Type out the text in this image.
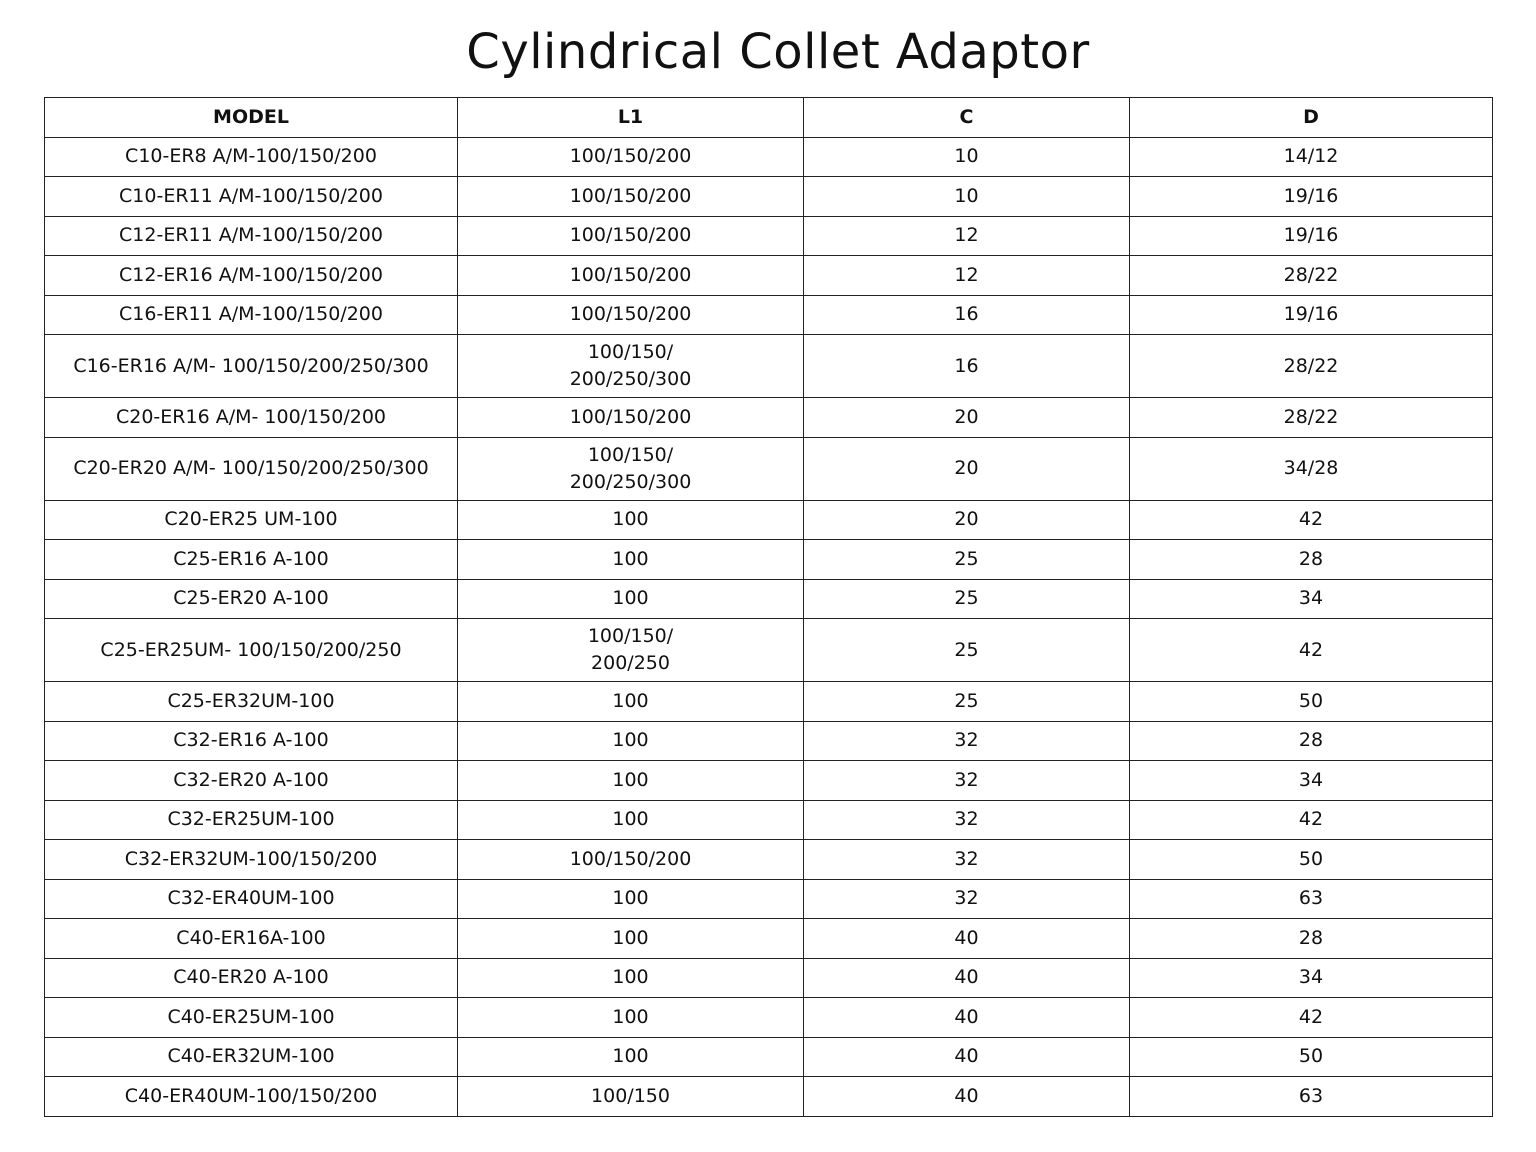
Cylindrical Collet Adaptor
MODEL	L1	C	D
C10-ER8 A/M-100/150/200	100/150/200	10	14/12
C10-ER11 A/M-100/150/200	100/150/200	10	19/16
C12-ER11 A/M-100/150/200	100/150/200	12	19/16
C12-ER16 A/M-100/150/200	100/150/200	12	28/22
C16-ER11 A/M-100/150/200	100/150/200	16	19/16
C16-ER16 A/M- 100/150/200/250/300	100/150/
200/250/300	16	28/22
C20-ER16 A/M- 100/150/200	100/150/200	20	28/22
C20-ER20 A/M- 100/150/200/250/300	100/150/
200/250/300	20	34/28
C20-ER25 UM-100	100	20	42
C25-ER16 A-100	100	25	28
C25-ER20 A-100	100	25	34
C25-ER25UM- 100/150/200/250	100/150/
200/250	25	42
C25-ER32UM-100	100	25	50
C32-ER16 A-100	100	32	28
C32-ER20 A-100	100	32	34
C32-ER25UM-100	100	32	42
C32-ER32UM-100/150/200	100/150/200	32	50
C32-ER40UM-100	100	32	63
C40-ER16A-100	100	40	28
C40-ER20 A-100	100	40	34
C40-ER25UM-100	100	40	42
C40-ER32UM-100	100	40	50
C40-ER40UM-100/150/200	100/150	40	63
